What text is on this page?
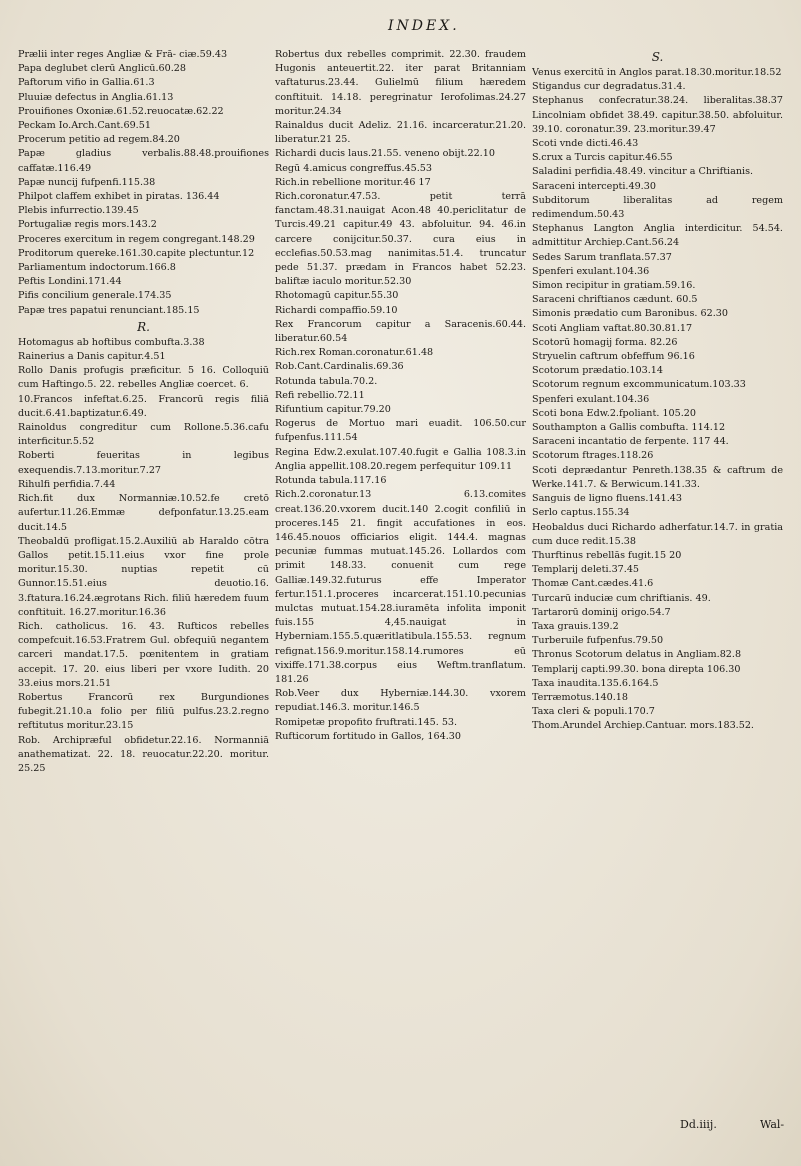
INDEX.
Prælii inter reges Angliæ & Frā- ciæ.59.43
Papa deglubet clerū Anglicū.60.28
Paftorum vifio in Gallia.61.3
Pluuiæ defectus in Anglia.61.13
Prouifiones Oxoniæ.61.52.reuocatæ.62.22
Peckam Io.Arch.Cant.69.51
Procerum petitio ad regem.84.20
Papæ gladius verbalis.88.48.prouifiones caffatæ.116.49
Papæ nuncij fufpenfi.115.38
Philpot claffem exhibet in piratas. 136.44
Plebis infurrectio.139.45
Portugaliæ regis mors.143.2
Proceres exercitum in regem congregant.148.29
Proditorum quereke.161.30.capite plectuntur.12
Parliamentum indoctorum.166.8
Peftis Londini.171.44
Pifis concilium generale.174.35
Papæ tres papatui renunciant.185.15
R.
Hotomagus ab hoftibus combufta.3.38
Rainerius a Danis capitur.4.51
Rollo Danis profugis præficitur. 5 16. Colloquiū cum Haftingo.5. 22. rebelles Angliæ coercet. 6.
10.Francos infeftat.6.25. Francorū regis filiā ducit.6.41.baptizatur.6.49.
Rainoldus congreditur cum Rollone.5.36.cafu interficitur.5.52
Roberti feueritas in legibus exequendis.7.13.moritur.7.27
Rihulfi perfidia.7.44
Rich.fit dux Normanniæ.10.52.fe cretō aufertur.11.26.Emmæ defponfatur.13.25.eam ducit.14.5
Theobaldū profligat.15.2.Auxiliū ab Haraldo cōtra Gallos petit.15.11.eius vxor fine prole moritur.15.30. nuptias repetit cū Gunnor.15.51.eius deuotio.16. 3.ftatura.16.24.ægrotans Rich. filiū hæredem fuum conftituit. 16.27.moritur.16.36
Rich. catholicus. 16. 43. Rufticos rebelles compefcuit.16.53.Fratrem Gul. obfequiū negantem carceri mandat.17.5. pœnitentem in gratiam accepit. 17. 20. eius liberi per vxore Iudith. 20 33.eius mors.21.51
Robertus Francorū rex Burgundiones fubegit.21.10.a folio per filiū pulfus.23.2.regno reftitutus moritur.23.15
Rob. Archipræful obfidetur.22.16. Normanniā anathematizat. 22. 18. reuocatur.22.20. moritur. 25.25
Robertus dux rebelles comprimit. 22.30. fraudem Hugonis anteuertit.22. iter parat Britanniam vaftaturus.23.44. Gulielmū filium hæredem conftituit. 14.18. peregrinatur Ierofolimas.24.27 moritur.24.34
Rainaldus ducit Adeliz. 21.16. incarceratur.21.20. liberatur.21 25.
Richardi ducis laus.21.55. veneno obijt.22.10
Regū 4.amicus congreffus.45.53
Rich.in rebellione moritur.46 17
Rich.coronatur.47.53. petit terrā fanctam.48.31.nauigat Acon.48 40.periclitatur de Turcis.49.21 capitur.49 43. abfoluitur. 94. 46.in carcere conijcitur.50.37. cura eius in ecclefias.50.53.mag nanimitas.51.4. truncatur pede 51.37. prædam in Francos habet 52.23. baliftæ iaculo moritur.52.30
Rhotomagū capitur.55.30
Richardi compaffio.59.10
Rex Francorum capitur a Saracenis.60.44. liberatur.60.54
Rich.rex Roman.coronatur.61.48
Rob.Cant.Cardinalis.69.36
Rotunda tabula.70.2.
Refi rebellio.72.11
Rifuntium capitur.79.20
Rogerus de Mortuo mari euadit. 106.50.cur fufpenfus.111.54
Regina Edw.2.exulat.107.40.fugit e Gallia 108.3.in Anglia appellit.108.20.regem perfequitur 109.11
Rotunda tabula.117.16
Rich.2.coronatur.13 6.13.comites creat.136.20.vxorem ducit.140 2.cogit confiliū in proceres.145 21. fingit accufationes in eos. 146.45.nouos officiarios eligit. 144.4. magnas pecuniæ fummas mutuat.145.26. Lollardos com primit 148.33. conuenit cum rege Galliæ.149.32.futurus effe Imperator fertur.151.1.proceres incarcerat.151.10.pecunias mulctas mutuat.154.28.iuramēta infolita imponit fuis.155 4,45.nauigat in Hyberniam.155.5.quæritlatibula.155.53. regnum refignat.156.9.moritur.158.14.rumores eū vixiffe.171.38.corpus eius Weftm.tranflatum. 181.26
Rob.Veer dux Hyberniæ.144.30. vxorem repudiat.146.3. moritur.146.5
Romipetæ propofito fruftrati.145. 53.
Rufticorum fortitudo in Gallos, 164.30
S.
Venus exercitū in Anglos parat.18.30.moritur.18.52
Stigandus cur degradatus.31.4.
Stephanus confecratur.38.24. liberalitas.38.37 Lincolniam obfidet 38.49. capitur.38.50. abfoluitur. 39.10. coronatur.39. 23.moritur.39.47
Scoti vnde dicti.46.43
S.crux a Turcis capitur.46.55
Saladini perfidia.48.49. vincitur a Chriftianis.
Saraceni intercepti.49.30
Subditorum liberalitas ad regem redimendum.50.43
Stephanus Langton Anglia interdicitur. 54.54. admittitur Archiep.Cant.56.24
Sedes Sarum tranflata.57.37
Spenferi exulant.104.36
Simon recipitur in gratiam.59.16.
Saraceni chriftianos cædunt. 60.5
Simonis prædatio cum Baronibus. 62.30
Scoti Angliam vaftat.80.30.81.17
Scotorū homagij forma. 82.26
Stryuelin caftrum obfeffum 96.16
Scotorum prædatio.103.14
Scotorum regnum excommunicatum.103.33
Spenferi exulant.104.36
Scoti bona Edw.2.fpoliant. 105.20
Southampton a Gallis combufta. 114.12
Saraceni incantatio de ferpente. 117 44.
Scotorum ftrages.118.26
Scoti deprædantur Penreth.138.35 & caftrum de Werke.141.7. & Berwicum.141.33.
Sanguis de ligno fluens.141.43
Serlo captus.155.34
Heobaldus duci Richardo adherfatur.14.7. in gratia cum duce redit.15.38
Thurftinus rebellās fugit.15 20
Templarij deleti.37.45
Thomæ Cant.cædes.41.6
Turcarū induciæ cum chriftianis. 49.
Tartarorū dominij origo.54.7
Taxa grauis.139.2
Turberuile fufpenfus.79.50
Thronus Scotorum delatus in Angliam.82.8
Templarij capti.99.30. bona direpta 106.30
Taxa inaudita.135.6.164.5
Terræmotus.140.18
Taxa cleri & populi.170.7
Thom.Arundel Archiep.Cantuar. mors.183.52.
Dd.iiij.	Wal-
